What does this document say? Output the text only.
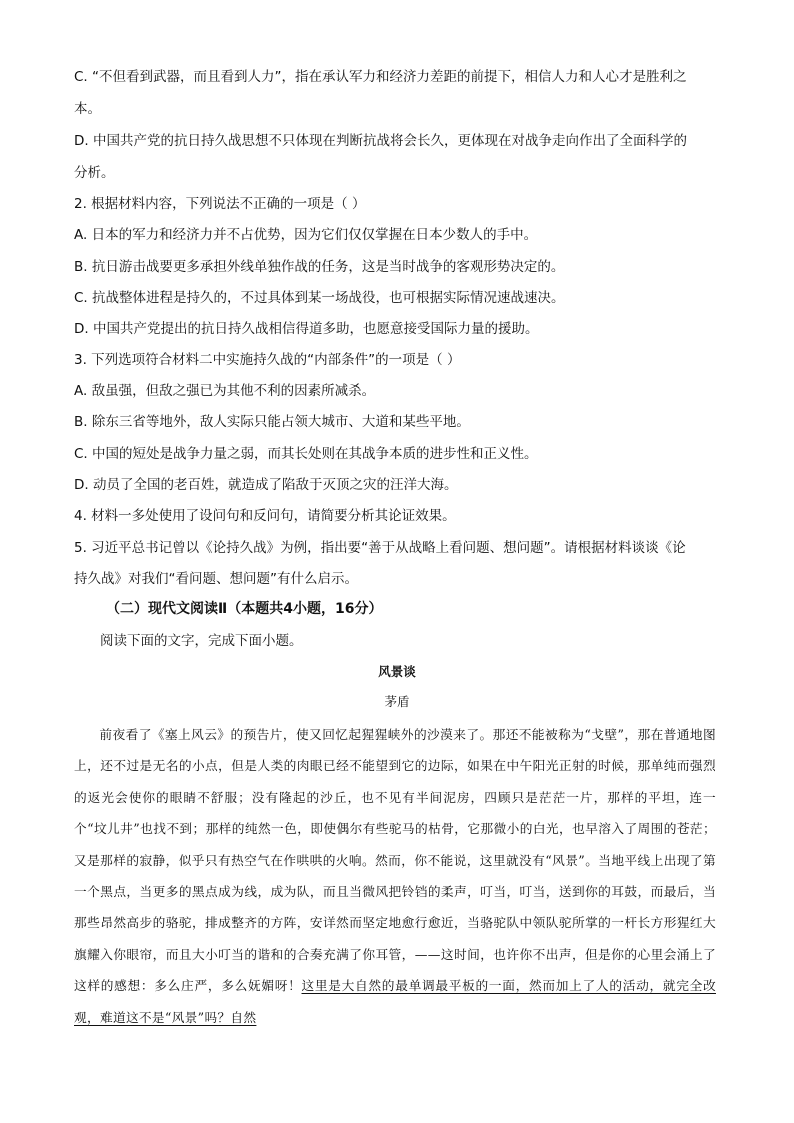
C. “不但看到武器，而且看到人力”，指在承认军力和经济力差距的前提下，相信人力和人心才是胜利之
本。
D. 中国共产党的抗日持久战思想不只体现在判断抗战将会长久，更体现在对战争走向作出了全面科学的
分析。
2. 根据材料内容，下列说法不正确的一项是（ ）
A. 日本的军力和经济力并不占优势，因为它们仅仅掌握在日本少数人的手中。
B. 抗日游击战要更多承担外线单独作战的任务，这是当时战争的客观形势决定的。
C. 抗战整体进程是持久的，不过具体到某一场战役，也可根据实际情况速战速决。
D. 中国共产党提出的抗日持久战相信得道多助，也愿意接受国际力量的援助。
3. 下列选项符合材料二中实施持久战的“内部条件”的一项是（ ）
A. 敌虽强，但敌之强已为其他不利的因素所减杀。
B. 除东三省等地外，敌人实际只能占领大城市、大道和某些平地。
C. 中国的短处是战争力量之弱，而其长处则在其战争本质的进步性和正义性。
D. 动员了全国的老百姓，就造成了陷敌于灭顶之灾的汪洋大海。
4. 材料一多处使用了设问句和反问句，请简要分析其论证效果。
5. 习近平总书记曾以《论持久战》为例，指出要“善于从战略上看问题、想问题”。请根据材料谈谈《论
持久战》对我们“看问题、想问题”有什么启示。
（二）现代文阅读Ⅱ（本题共4小题，16分）
阅读下面的文字，完成下面小题。
风景谈
茅盾
前夜看了《塞上风云》的预告片，使又回忆起猩猩峡外的沙漠来了。那还不能被称为“戈壁”，那在普通地图上，还不过是无名的小点，但是人类的肉眼已经不能望到它的边际，如果在中午阳光正射的时候，那单纯而强烈的返光会使你的眼睛不舒服；没有隆起的沙丘，也不见有半间泥房，四顾只是茫茫一片，那样的平坦，连一个“坟儿井”也找不到；那样的纯然一色，即使偶尔有些驼马的枯骨，它那微小的白光，也早溶入了周围的苍茫；又是那样的寂静，似乎只有热空气在作哄哄的火响。然而，你不能说，这里就没有“风景”。当地平线上出现了第一个黑点，当更多的黑点成为线，成为队，而且当微风把铃铛的柔声，叮当，叮当，送到你的耳鼓，而最后，当那些昂然高步的骆驼，排成整齐的方阵，安详然而坚定地愈行愈近，当骆驼队中领队驼所掌的一杆长方形猩红大旗耀入你眼帘，而且大小叮当的谐和的合奏充满了你耳管，——这时间，也许你不出声，但是你的心里会涌上了这样的感想：多么庄严，多么妩媚呀！这里是大自然的最单调最平板的一面，然而加上了人的活动，就完全改观，难道这不是“风景”吗？自然
